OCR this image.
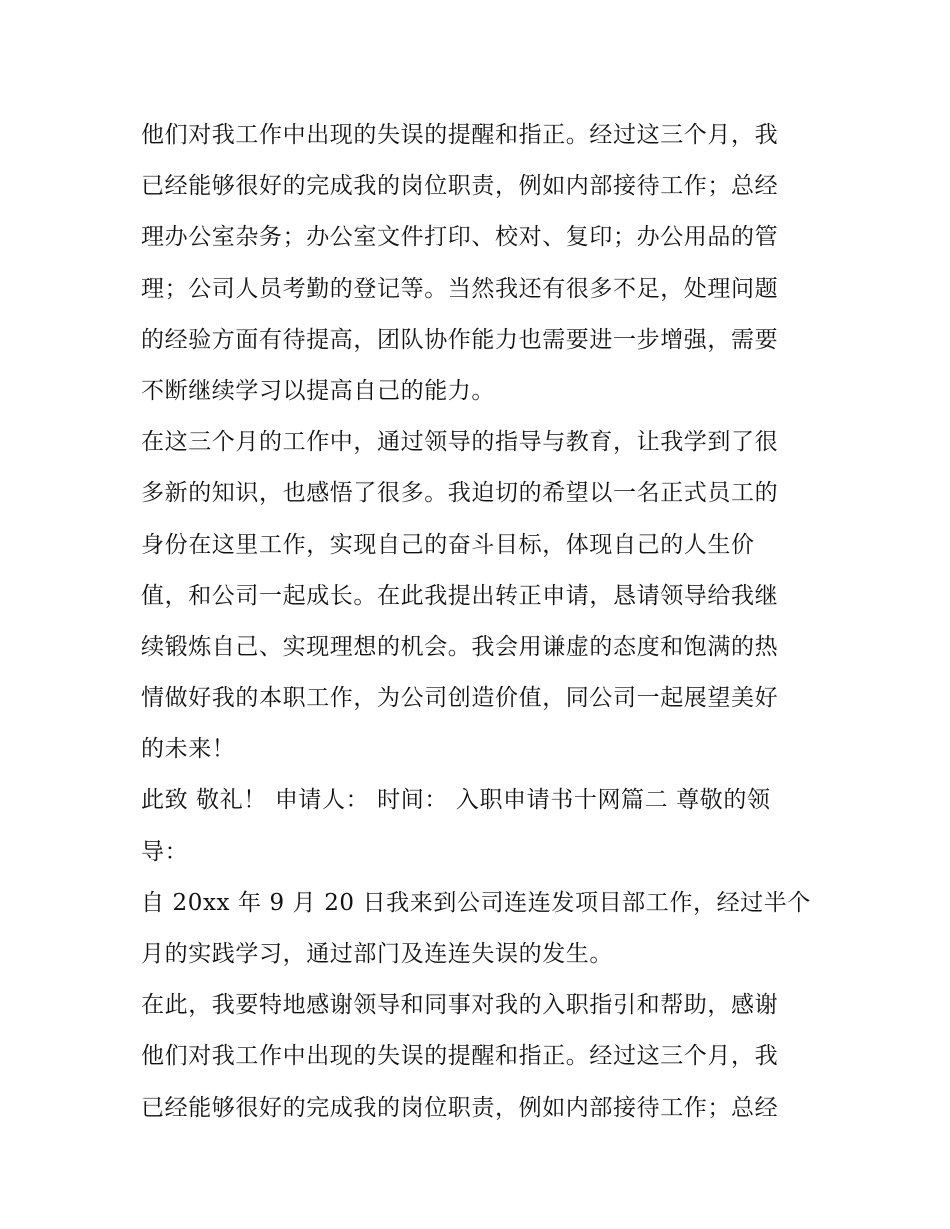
他们对我工作中出现的失误的提醒和指正。经过这三个月，我
已经能够很好的完成我的岗位职责，例如内部接待工作；总经
理办公室杂务；办公室文件打印、校对、复印；办公用品的管
理；公司人员考勤的登记等。当然我还有很多不足，处理问题
的经验方面有待提高，团队协作能力也需要进一步增强，需要
不断继续学习以提高自己的能力。
在这三个月的工作中，通过领导的指导与教育，让我学到了很
多新的知识，也感悟了很多。我迫切的希望以一名正式员工的
身份在这里工作，实现自己的奋斗目标，体现自己的人生价
值，和公司一起成长。在此我提出转正申请，恳请领导给我继
续锻炼自己、实现理想的机会。我会用谦虚的态度和饱满的热
情做好我的本职工作，为公司创造价值，同公司一起展望美好
的未来！
此致 敬礼！ 申请人： 时间： 入职申请书十网篇二 尊敬的领
导：
自 20xx 年 9 月 20 日我来到公司连连发项目部工作，经过半个
月的实践学习，通过部门及连连失误的发生。
在此，我要特地感谢领导和同事对我的入职指引和帮助，感谢
他们对我工作中出现的失误的提醒和指正。经过这三个月，我
已经能够很好的完成我的岗位职责，例如内部接待工作；总经
